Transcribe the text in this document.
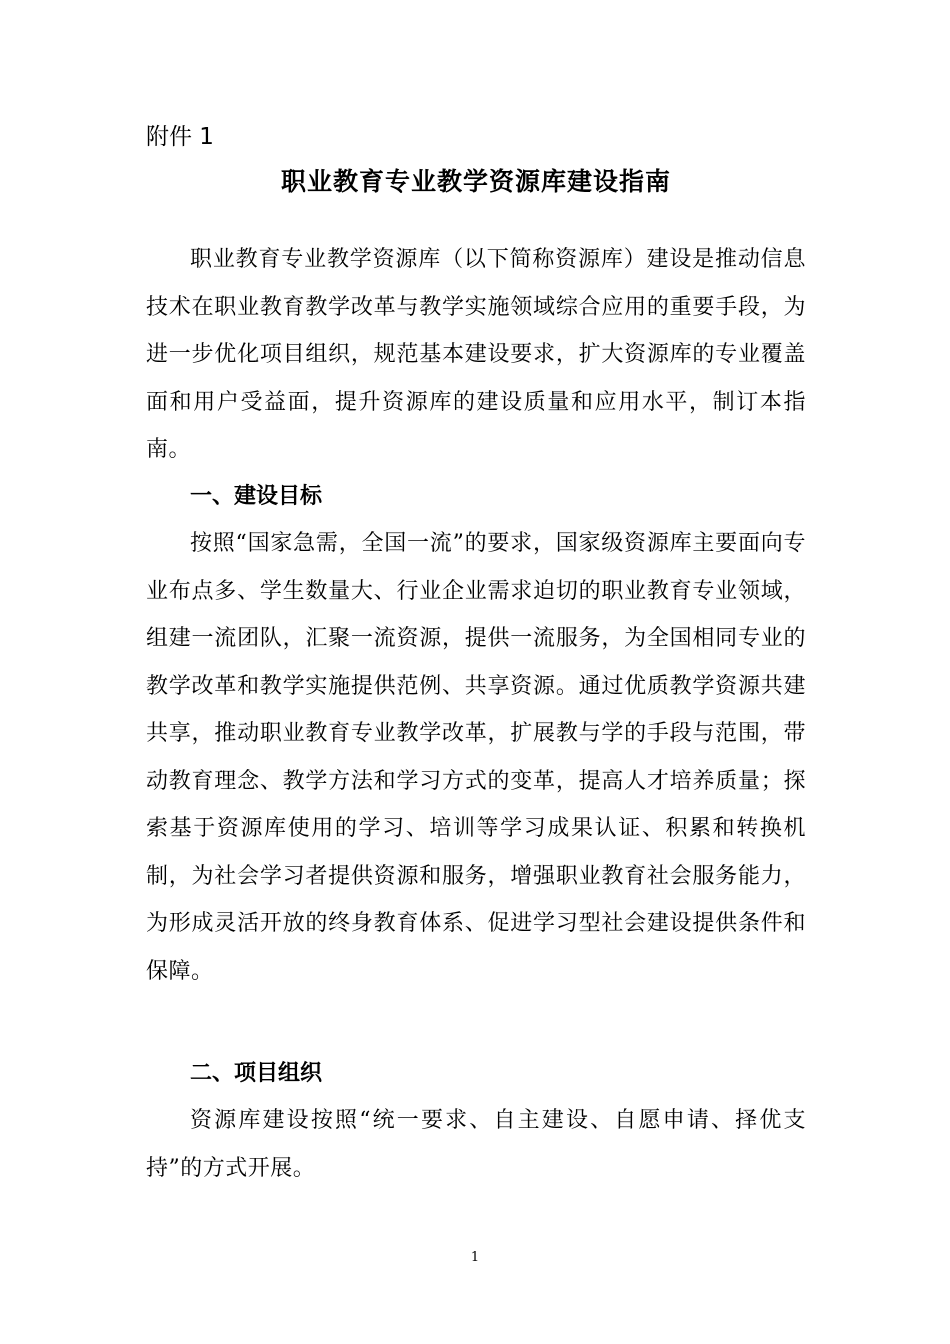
附件 1
职业教育专业教学资源库建设指南

职业教育专业教学资源库（以下简称资源库）建设是推动信息技术在职业教育教学改革与教学实施领域综合应用的重要手段，为进一步优化项目组织，规范基本建设要求，扩大资源库的专业覆盖面和用户受益面，提升资源库的建设质量和应用水平，制订本指南。

一、建设目标

按照“国家急需，全国一流”的要求，国家级资源库主要面向专业布点多、学生数量大、行业企业需求迫切的职业教育专业领域，组建一流团队，汇聚一流资源，提供一流服务，为全国相同专业的教学改革和教学实施提供范例、共享资源。通过优质教学资源共建共享，推动职业教育专业教学改革，扩展教与学的手段与范围，带动教育理念、教学方法和学习方式的变革，提高人才培养质量；探索基于资源库使用的学习、培训等学习成果认证、积累和转换机制，为社会学习者提供资源和服务，增强职业教育社会服务能力，为形成灵活开放的终身教育体系、促进学习型社会建设提供条件和保障。

二、项目组织

资源库建设按照“统一要求、自主建设、自愿申请、择优支持”的方式开展。

1
